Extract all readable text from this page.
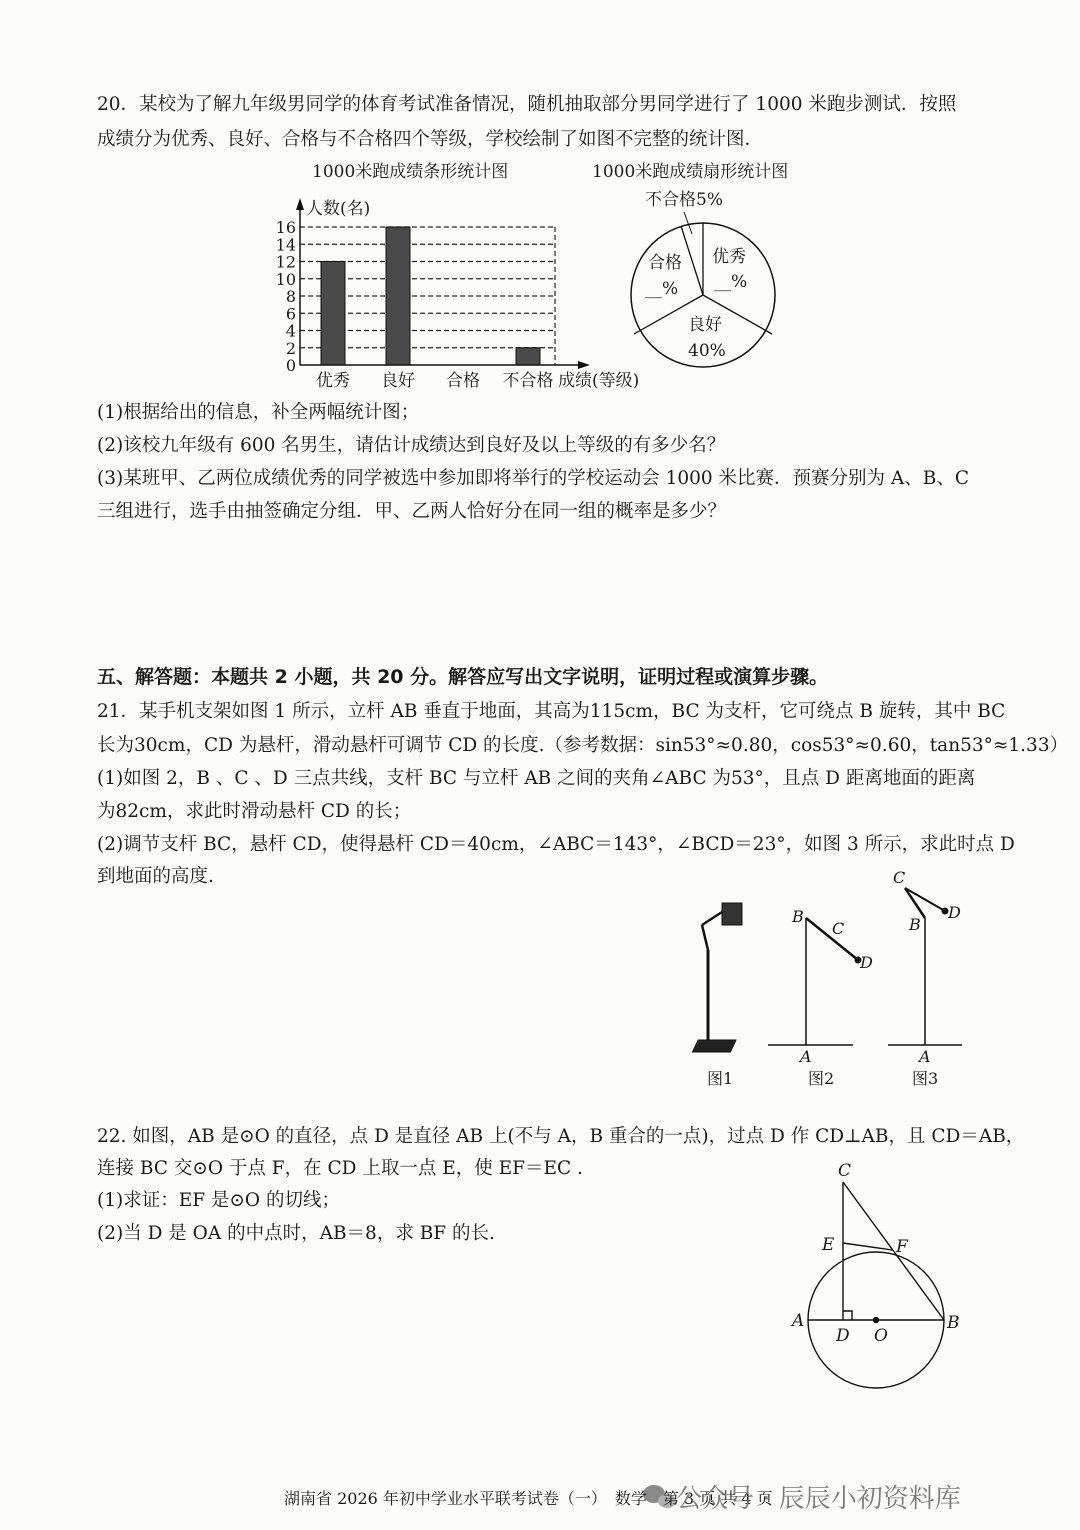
20．某校为了解九年级男同学的体育考试准备情况，随机抽取部分男同学进行了 1000 米跑步测试．按照
成绩分为优秀、良好、合格与不合格四个等级，学校绘制了如图不完整的统计图．
1000米跑成绩条形统计图
人数(名)
成绩(等级)
0
2
4
6
8
10
12
14
16
优秀 良好 合格 不合格
1000米跑成绩扇形统计图
不合格5%
优秀
__%
良好
40%
合格
__%
B
C
D
A
C
B
D
A
图1	图2	图3
C
E	F
A	B
D O
(1)根据给出的信息，补全两幅统计图；
(2)该校九年级有 600 名男生，请估计成绩达到良好及以上等级的有多少名？
(3)某班甲、乙两位成绩优秀的同学被选中参加即将举行的学校运动会 1000 米比赛．预赛分别为 A、B、C
三组进行，选手由抽签确定分组．甲、乙两人恰好分在同一组的概率是多少？
五、解答题：本题共 2 小题，共 20 分。解答应写出文字说明，证明过程或演算步骤。
21．某手机支架如图 1 所示，立杆 AB 垂直于地面，其高为115cm，BC 为支杆，它可绕点 B 旋转，其中 BC
长为30cm，CD 为悬杆，滑动悬杆可调节 CD 的长度.（参考数据：sin53°≈0.80，cos53°≈0.60，tan53°≈1.33）
(1)如图 2，B 、C 、D 三点共线，支杆 BC 与立杆 AB 之间的夹角∠ABC 为53°，且点 D 距离地面的距离
为82cm，求此时滑动悬杆 CD 的长；
(2)调节支杆 BC，悬杆 CD，使得悬杆 CD＝40cm，∠ABC＝143°，∠BCD＝23°，如图 3 所示，求此时点 D
到地面的高度.
22. 如图，AB 是⊙O 的直径，点 D 是直径 AB 上(不与 A，B 重合的一点)，过点 D 作 CD⊥AB，且 CD＝AB，
连接 BC 交⊙O 于点 F，在 CD 上取一点 E，使 EF＝EC .
(1)求证：EF 是⊙O 的切线；
(2)当 D 是 OA 的中点时，AB＝8，求 BF 的长.
湖南省 2026 年初中学业水平联考试卷（一）　数学　第 3 页 共 4 页
公众号 · 辰辰小初资料库
